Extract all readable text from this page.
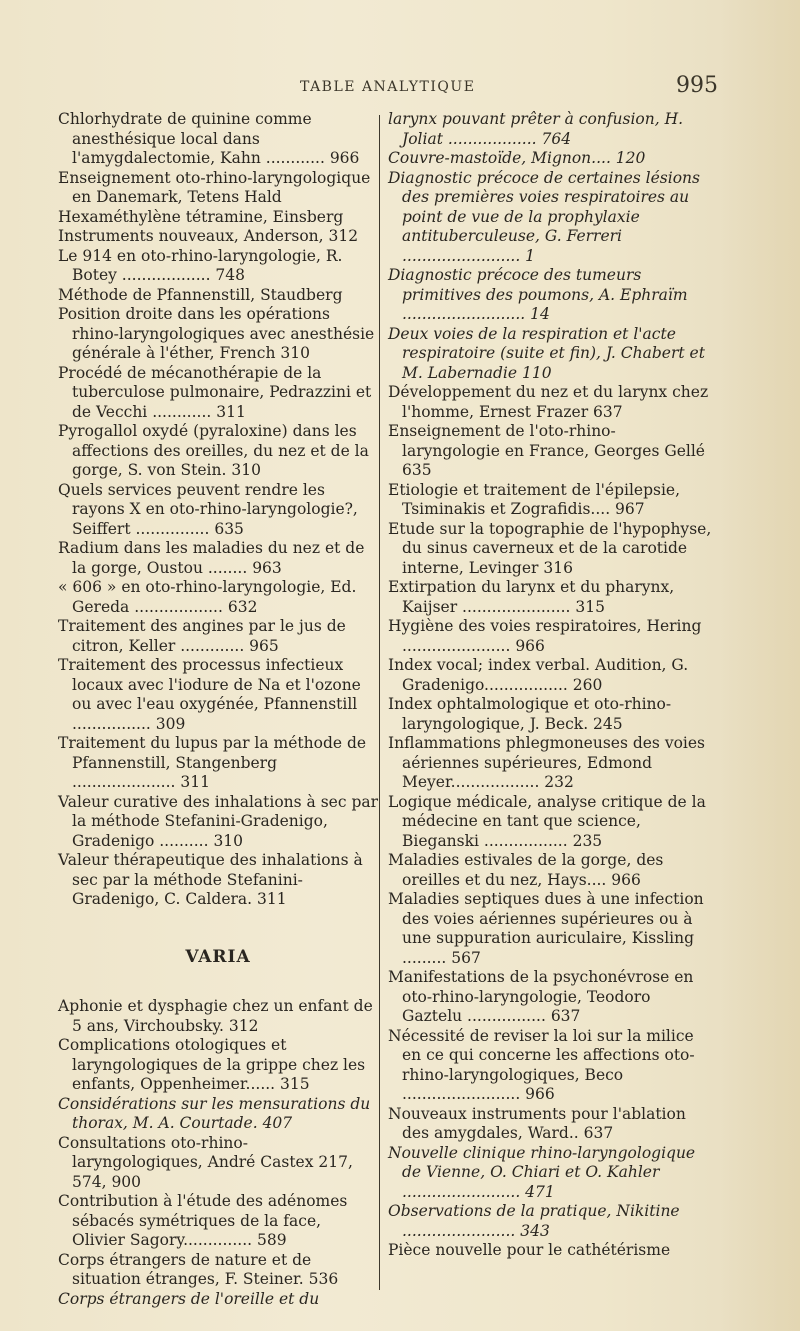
TABLE ANALYTIQUE	995

Chlorhydrate de quinine comme anesthésique local dans l'amygdalectomie, Kahn ............ 966

Enseignement oto-rhino-laryngologique en Danemark, Tetens Hald

Hexaméthylène tétramine, Einsberg

Instruments nouveaux, Anderson, 312

Le 914 en oto-rhino-laryngologie, R. Botey .................. 748

Méthode de Pfannenstill, Staudberg

Position droite dans les opérations rhino-laryngologiques avec anesthésie générale à l'éther, French 310

Procédé de mécanothérapie de la tuberculose pulmonaire, Pedrazzini et de Vecchi ............ 311

Pyrogallol oxydé (pyraloxine) dans les affections des oreilles, du nez et de la gorge, S. von Stein. 310

Quels services peuvent rendre les rayons X en oto-rhino-laryngologie?, Seiffert ............... 635

Radium dans les maladies du nez et de la gorge, Oustou ........ 963

« 606 » en oto-rhino-laryngologie, Ed. Gereda .................. 632

Traitement des angines par le jus de citron, Keller ............. 965

Traitement des processus infectieux locaux avec l'iodure de Na et l'ozone ou avec l'eau oxygénée, Pfannenstill ................ 309

Traitement du lupus par la méthode de Pfannenstill, Stangenberg ..................... 311

Valeur curative des inhalations à sec par la méthode Stefanini-Gradenigo, Gradenigo .......... 310

Valeur thérapeutique des inhalations à sec par la méthode Stefanini-Gradenigo, C. Caldera. 311

VARIA

Aphonie et dysphagie chez un enfant de 5 ans, Virchoubsky. 312

Complications otologiques et laryngologiques de la grippe chez les enfants, Oppenheimer...... 315

Considérations sur les mensurations du thorax, M. A. Courtade. 407

Consultations oto-rhino-laryngologiques, André Castex 217, 574, 900

Contribution à l'étude des adénomes sébacés symétriques de la face, Olivier Sagory.............. 589

Corps étrangers de nature et de situation étranges, F. Steiner. 536

Corps étrangers de l'oreille et du

larynx pouvant prêter à confusion, H. Joliat .................. 764

Couvre-mastoïde, Mignon.... 120

Diagnostic précoce de certaines lésions des premières voies respiratoires au point de vue de la prophylaxie antituberculeuse, G. Ferreri ........................ 1

Diagnostic précoce des tumeurs primitives des poumons, A. Ephraïm ......................... 14

Deux voies de la respiration et l'acte respiratoire (suite et fin), J. Chabert et M. Labernadie 110

Développement du nez et du larynx chez l'homme, Ernest Frazer 637

Enseignement de l'oto-rhino-laryngologie en France, Georges Gellé 635

Etiologie et traitement de l'épilepsie, Tsiminakis et Zografidis.... 967

Etude sur la topographie de l'hypophyse, du sinus caverneux et de la carotide interne, Levinger 316

Extirpation du larynx et du pharynx, Kaijser ...................... 315

Hygiène des voies respiratoires, Hering ...................... 966

Index vocal; index verbal. Audition, G. Gradenigo................. 260

Index ophtalmologique et oto-rhino-laryngologique, J. Beck. 245

Inflammations phlegmoneuses des voies aériennes supérieures, Edmond Meyer.................. 232

Logique médicale, analyse critique de la médecine en tant que science, Bieganski ................. 235

Maladies estivales de la gorge, des oreilles et du nez, Hays.... 966

Maladies septiques dues à une infection des voies aériennes supérieures ou à une suppuration auriculaire, Kissling ......... 567

Manifestations de la psychonévrose en oto-rhino-laryngologie, Teodoro Gaztelu ................ 637

Nécessité de reviser la loi sur la milice en ce qui concerne les affections oto-rhino-laryngologiques, Beco ........................ 966

Nouveaux instruments pour l'ablation des amygdales, Ward.. 637

Nouvelle clinique rhino-laryngologique de Vienne, O. Chiari et O. Kahler ........................ 471

Observations de la pratique, Nikitine ....................... 343

Pièce nouvelle pour le cathétérisme
